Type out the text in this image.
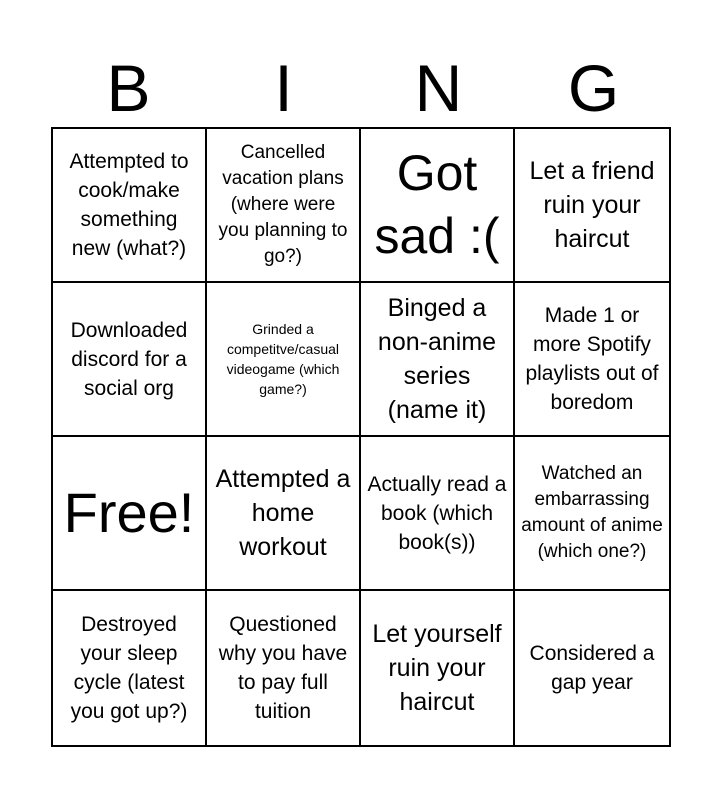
B	I	N	G
Attempted to cook/make something new (what?)
Cancelled vacation plans (where were you planning to go?)
Got sad :(
Let a friend ruin your haircut
Downloaded discord for a social org
Grinded a competitve/casual videogame (which game?)
Binged a non-anime series (name it)
Made 1 or more Spotify playlists out of boredom
Free!
Attempted a home workout
Actually read a book (which book(s))
Watched an embarrassing amount of anime (which one?)
Destroyed your sleep cycle (latest you got up?)
Questioned why you have to pay full tuition
Let yourself ruin your haircut
Considered a gap year
